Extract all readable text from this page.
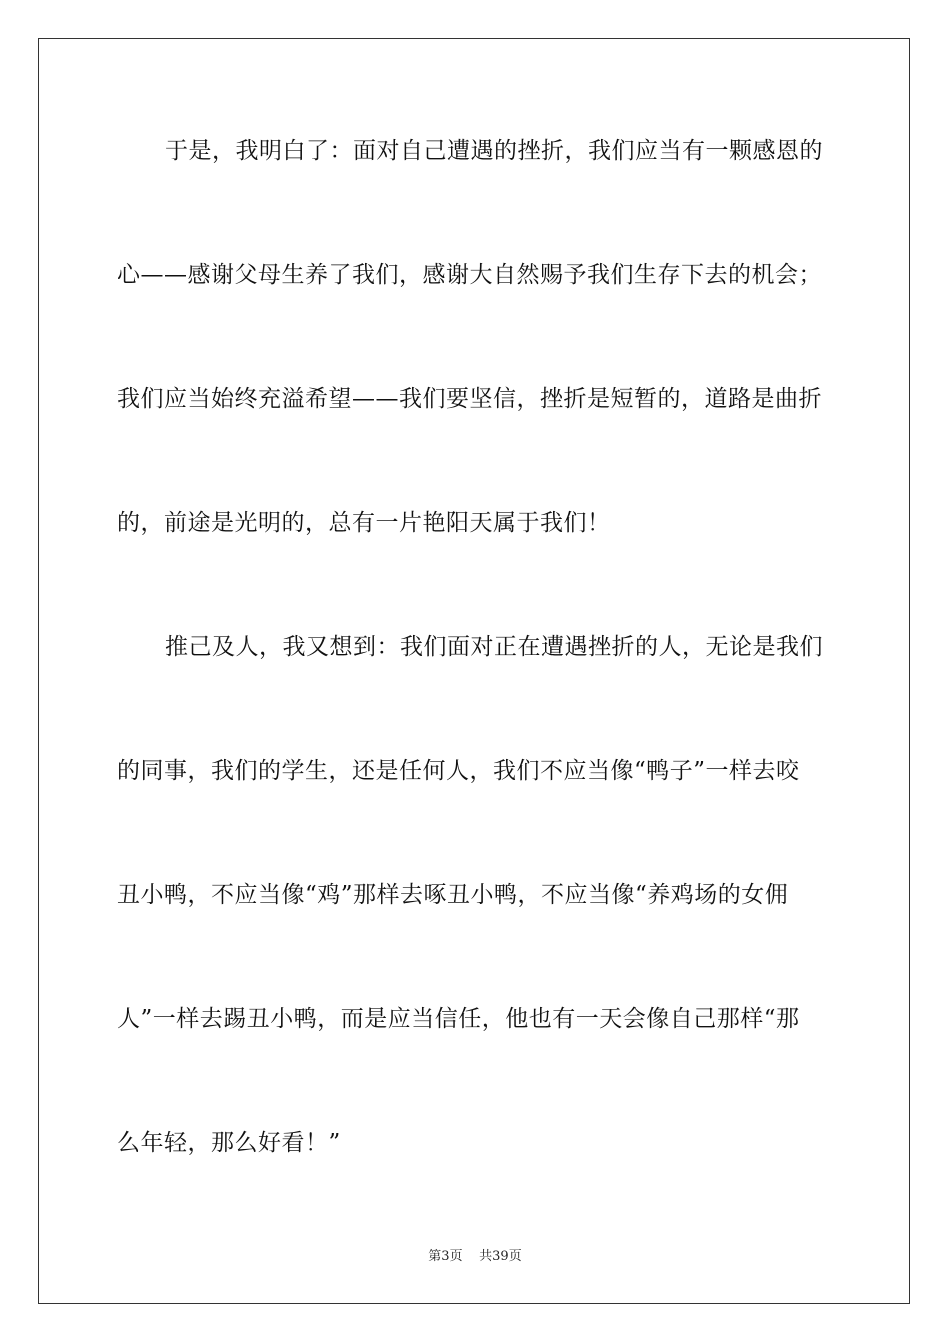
于是，我明白了：面对自己遭遇的挫折，我们应当有一颗感恩的
心——感谢父母生养了我们，感谢大自然赐予我们生存下去的机会；
我们应当始终充溢希望——我们要坚信，挫折是短暂的，道路是曲折
的，前途是光明的，总有一片艳阳天属于我们！
推己及人，我又想到：我们面对正在遭遇挫折的人，无论是我们
的同事，我们的学生，还是任何人，我们不应当像“鸭子”一样去咬
丑小鸭，不应当像“鸡”那样去啄丑小鸭，不应当像“养鸡场的女佣
人”一样去踢丑小鸭，而是应当信任，他也有一天会像自己那样“那
么年轻，那么好看！”
第3页 共39页
